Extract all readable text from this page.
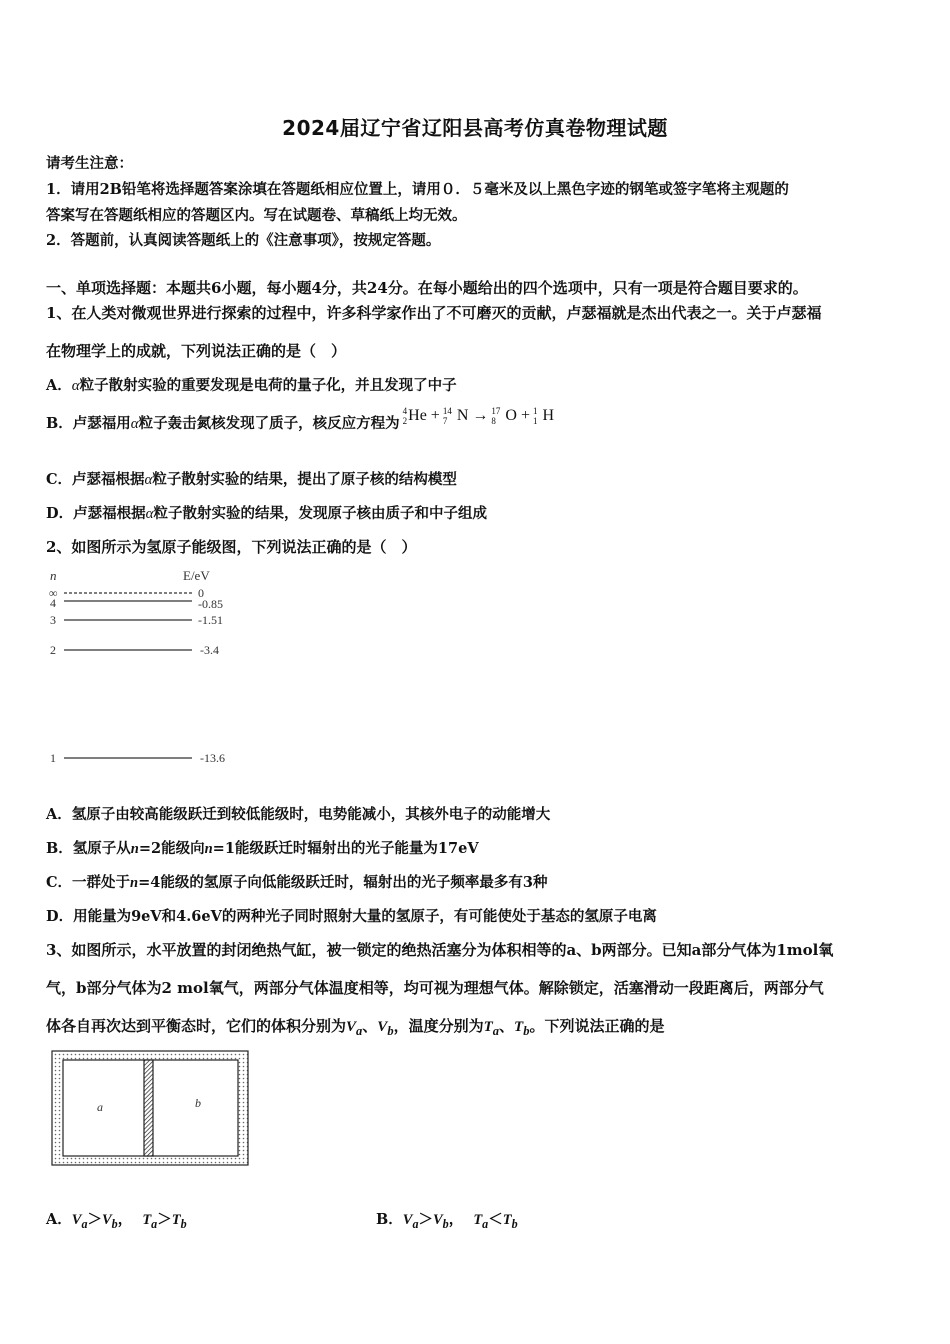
2024届辽宁省辽阳县高考仿真卷物理试题
请考生注意：
1．请用2B铅笔将选择题答案涂填在答题纸相应位置上，请用０．５毫米及以上黑色字迹的钢笔或签字笔将主观题的
答案写在答题纸相应的答题区内。写在试题卷、草稿纸上均无效。
2．答题前，认真阅读答题纸上的《注意事项》，按规定答题。
一、单项选择题：本题共6小题，每小题4分，共24分。在每小题给出的四个选项中，只有一项是符合题目要求的。
1、在人类对微观世界进行探索的过程中，许多科学家作出了不可磨灭的贡献，卢瑟福就是杰出代表之一。关于卢瑟福
在物理学上的成就，下列说法正确的是（　）
A．α粒子散射实验的重要发现是电荷的量子化，并且发现了中子
B．卢瑟福用α粒子轰击氮核发现了质子，核反应方程为
4
2 He + 14
7 N → 17
8 O + 1
1 H
C．卢瑟福根据α粒子散射实验的结果，提出了原子核的结构模型
D．卢瑟福根据α粒子散射实验的结果，发现原子核由质子和中子组成
2、如图所示为氢原子能级图，下列说法正确的是（　）
n	E/eV
∞	0
4	-0.85
3	-1.51
2	-3.4
1	-13.6
A．氢原子由较高能级跃迁到较低能级时，电势能减小，其核外电子的动能增大
B．氢原子从n=2能级向n=1能级跃迁时辐射出的光子能量为17eV
C．一群处于n=4能级的氢原子向低能级跃迁时，辐射出的光子频率最多有3种
D．用能量为9eV和4.6eV的两种光子同时照射大量的氢原子，有可能使处于基态的氢原子电离
3、如图所示，水平放置的封闭绝热气缸，被一锁定的绝热活塞分为体积相等的a、b两部分。已知a部分气体为1mol氧
气，b部分气体为2 mol氧气，两部分气体温度相等，均可视为理想气体。解除锁定，活塞滑动一段距离后，两部分气
体各自再次达到平衡态时，它们的体积分别为$V_a$、$V_b$，温度分别为$T_a$、$T_b$。下列说法正确的是
a	b
A．$V_a>V_b$， $T_a>T_b$	B．$V_a>V_b$， $T_a<T_b$
